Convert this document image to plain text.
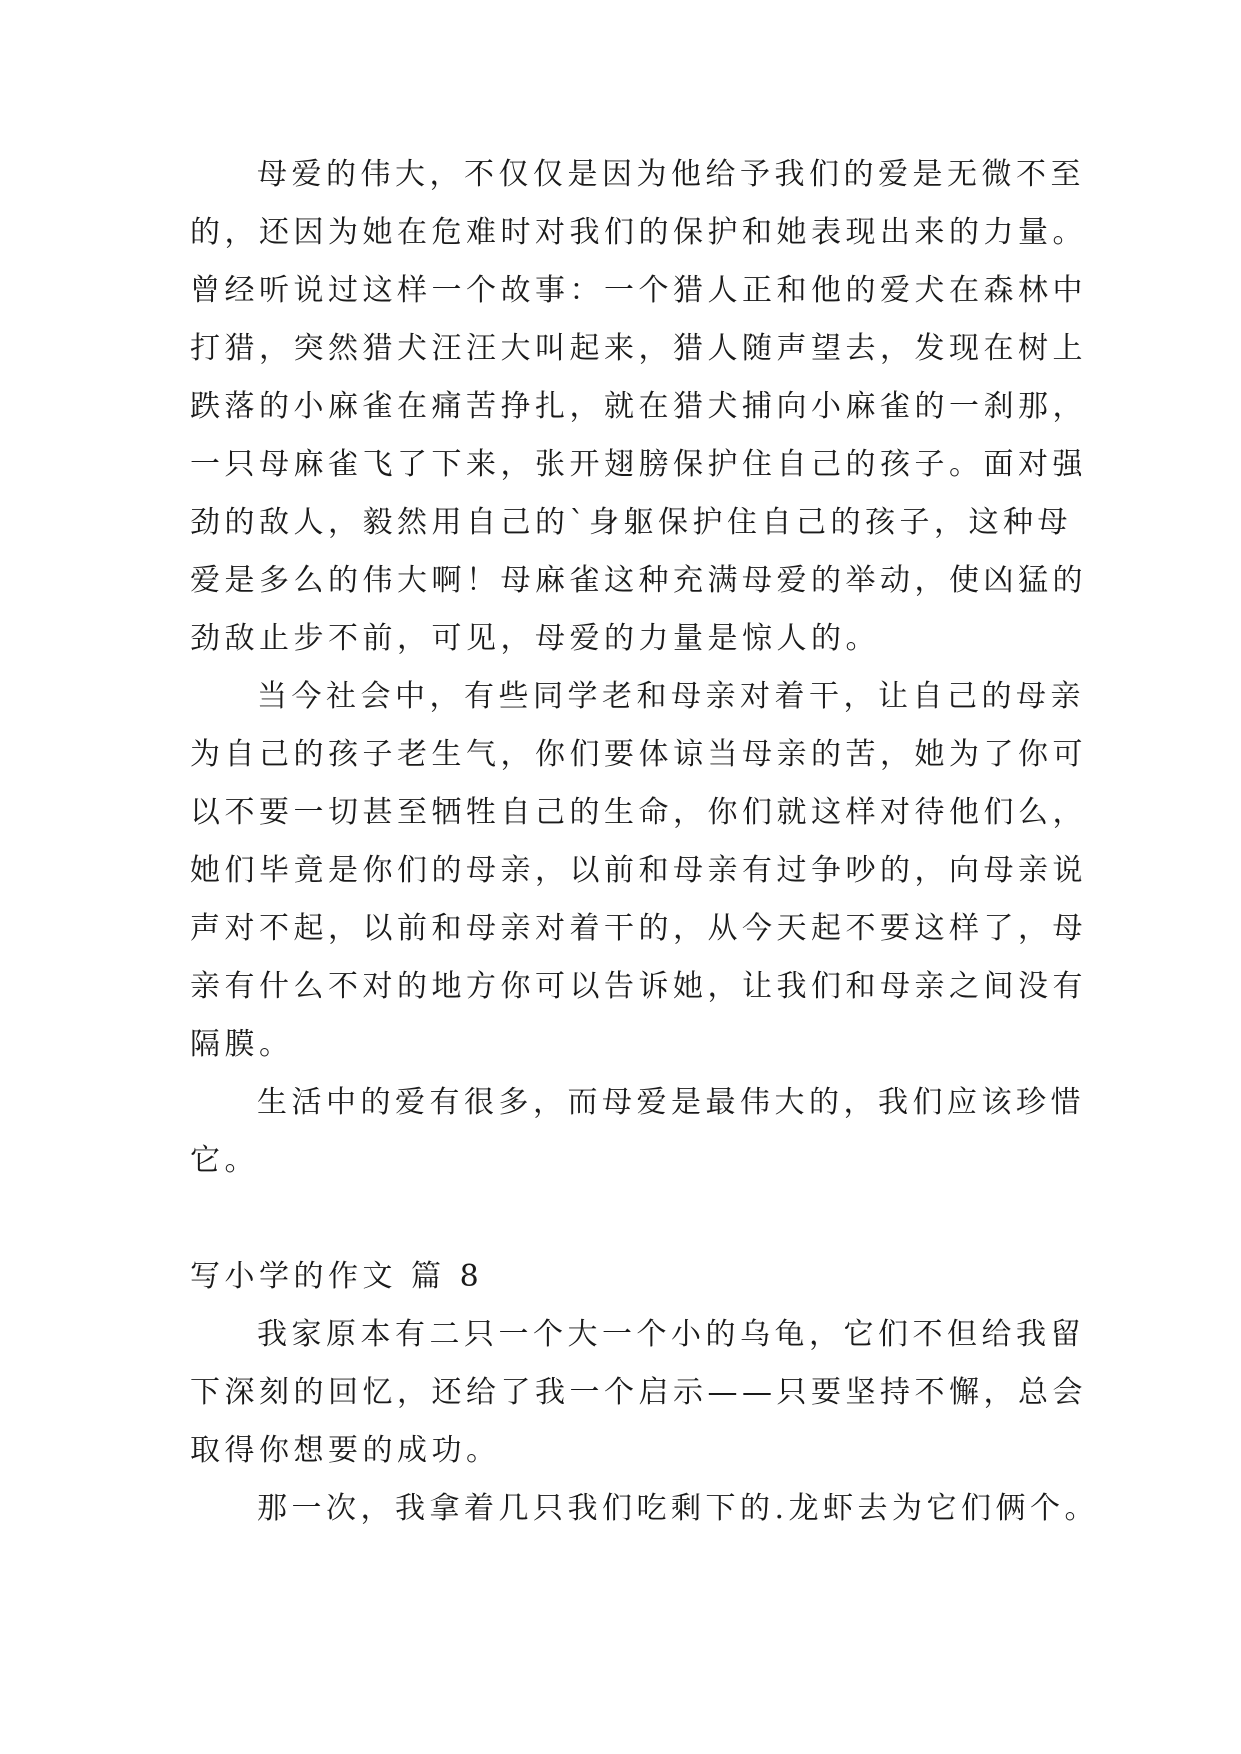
母爱的伟大，不仅仅是因为他给予我们的爱是无微不至

的，还因为她在危难时对我们的保护和她表现出来的力量。

曾经听说过这样一个故事：一个猎人正和他的爱犬在森林中

打猎，突然猎犬汪汪大叫起来，猎人随声望去，发现在树上

跌落的小麻雀在痛苦挣扎，就在猎犬捕向小麻雀的一刹那，

一只母麻雀飞了下来，张开翅膀保护住自己的孩子。面对强

劲的敌人，毅然用自己的`身躯保护住自己的孩子，这种母

爱是多么的伟大啊！母麻雀这种充满母爱的举动，使凶猛的

劲敌止步不前，可见，母爱的力量是惊人的。

当今社会中，有些同学老和母亲对着干，让自己的母亲

为自己的孩子老生气，你们要体谅当母亲的苦，她为了你可

以不要一切甚至牺牲自己的生命，你们就这样对待他们么，

她们毕竟是你们的母亲，以前和母亲有过争吵的，向母亲说

声对不起，以前和母亲对着干的，从今天起不要这样了，母

亲有什么不对的地方你可以告诉她，让我们和母亲之间没有

隔膜。

生活中的爱有很多，而母爱是最伟大的，我们应该珍惜

它。

写小学的作文 篇 8

我家原本有二只一个大一个小的乌龟，它们不但给我留

下深刻的回忆，还给了我一个启示——只要坚持不懈，总会

取得你想要的成功。

那一次，我拿着几只我们吃剩下的.龙虾去为它们俩个。
